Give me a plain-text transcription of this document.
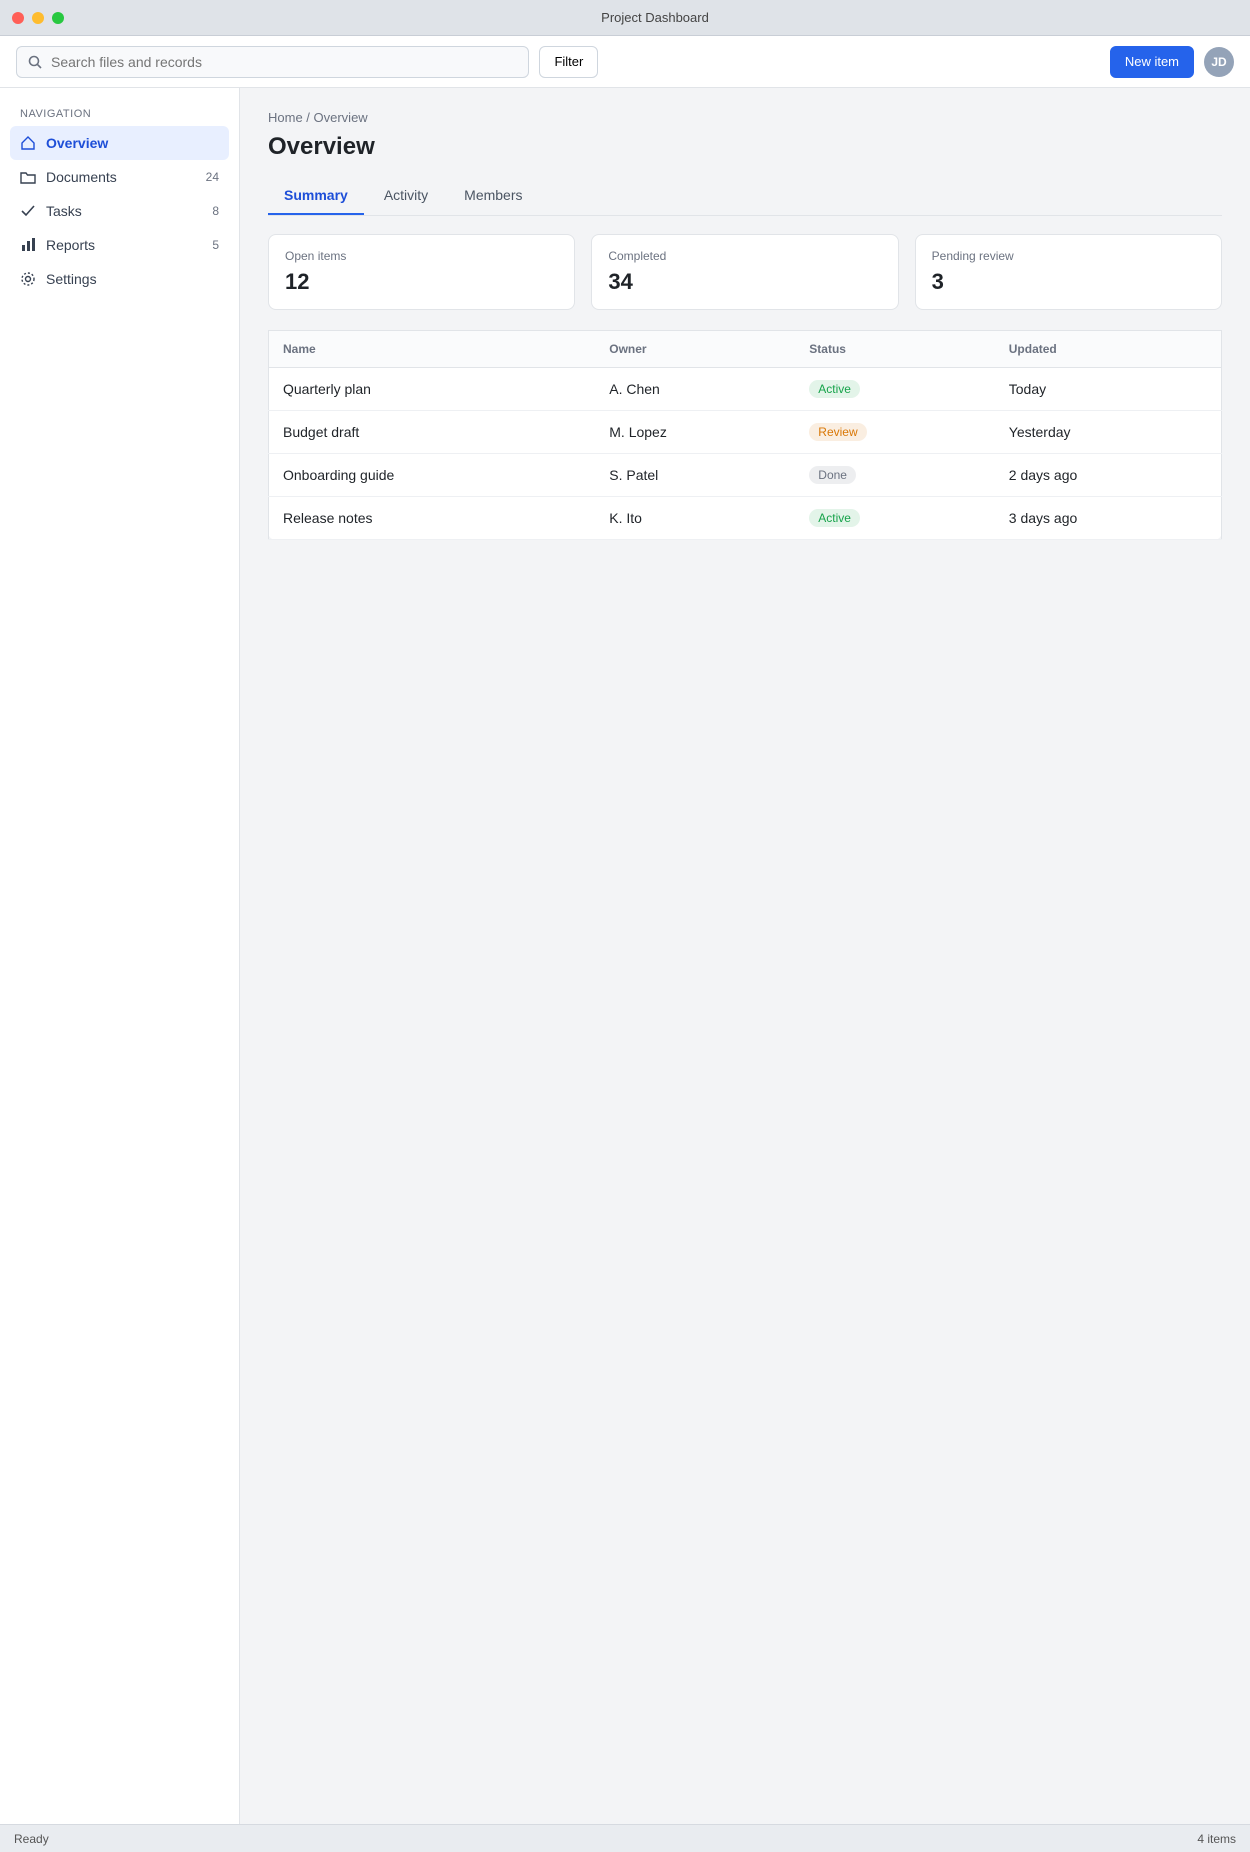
Project Dashboard
Search files and records
Filter	New item	JD
NAVIGATION
Overview
Documents	24
Tasks	8
Reports	5
Settings
Home / Overview
Overview
Summary	Activity	Members
Open items
12
Completed
34
Pending review
3
Name	Owner	Status	Updated
Quarterly plan	A. Chen	Active	Today
Budget draft	M. Lopez	Review	Yesterday
Onboarding guide	S. Patel	Done	2 days ago
Release notes	K. Ito	Active	3 days ago
Ready	4 items
